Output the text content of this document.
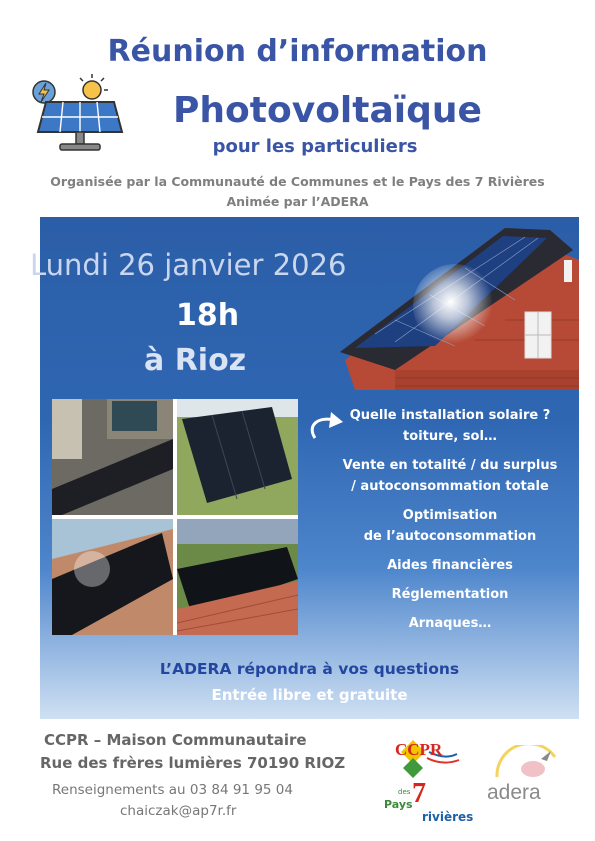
Réunion d’information
Photovoltaïque
pour les particuliers
Organisée par la Communauté de Communes et le Pays des 7 Rivières
Animée par l’ADERA
Lundi 26 janvier 2026
18h
à Rioz
Quelle installation solaire ?
toiture, sol…
Vente en totalité / du surplus
/ autoconsommation totale
Optimisation
de l’autoconsommation
Aides financières
Réglementation
Arnaques…
L’ADERA répondra à vos questions
Entrée libre et gratuite
CCPR – Maison Communautaire
Rue des frères lumières 70190 RIOZ
Renseignements au 03 84 91 95 04
chaiczak@ap7r.fr
CCPR
Pays
des 7
rivières
adera
